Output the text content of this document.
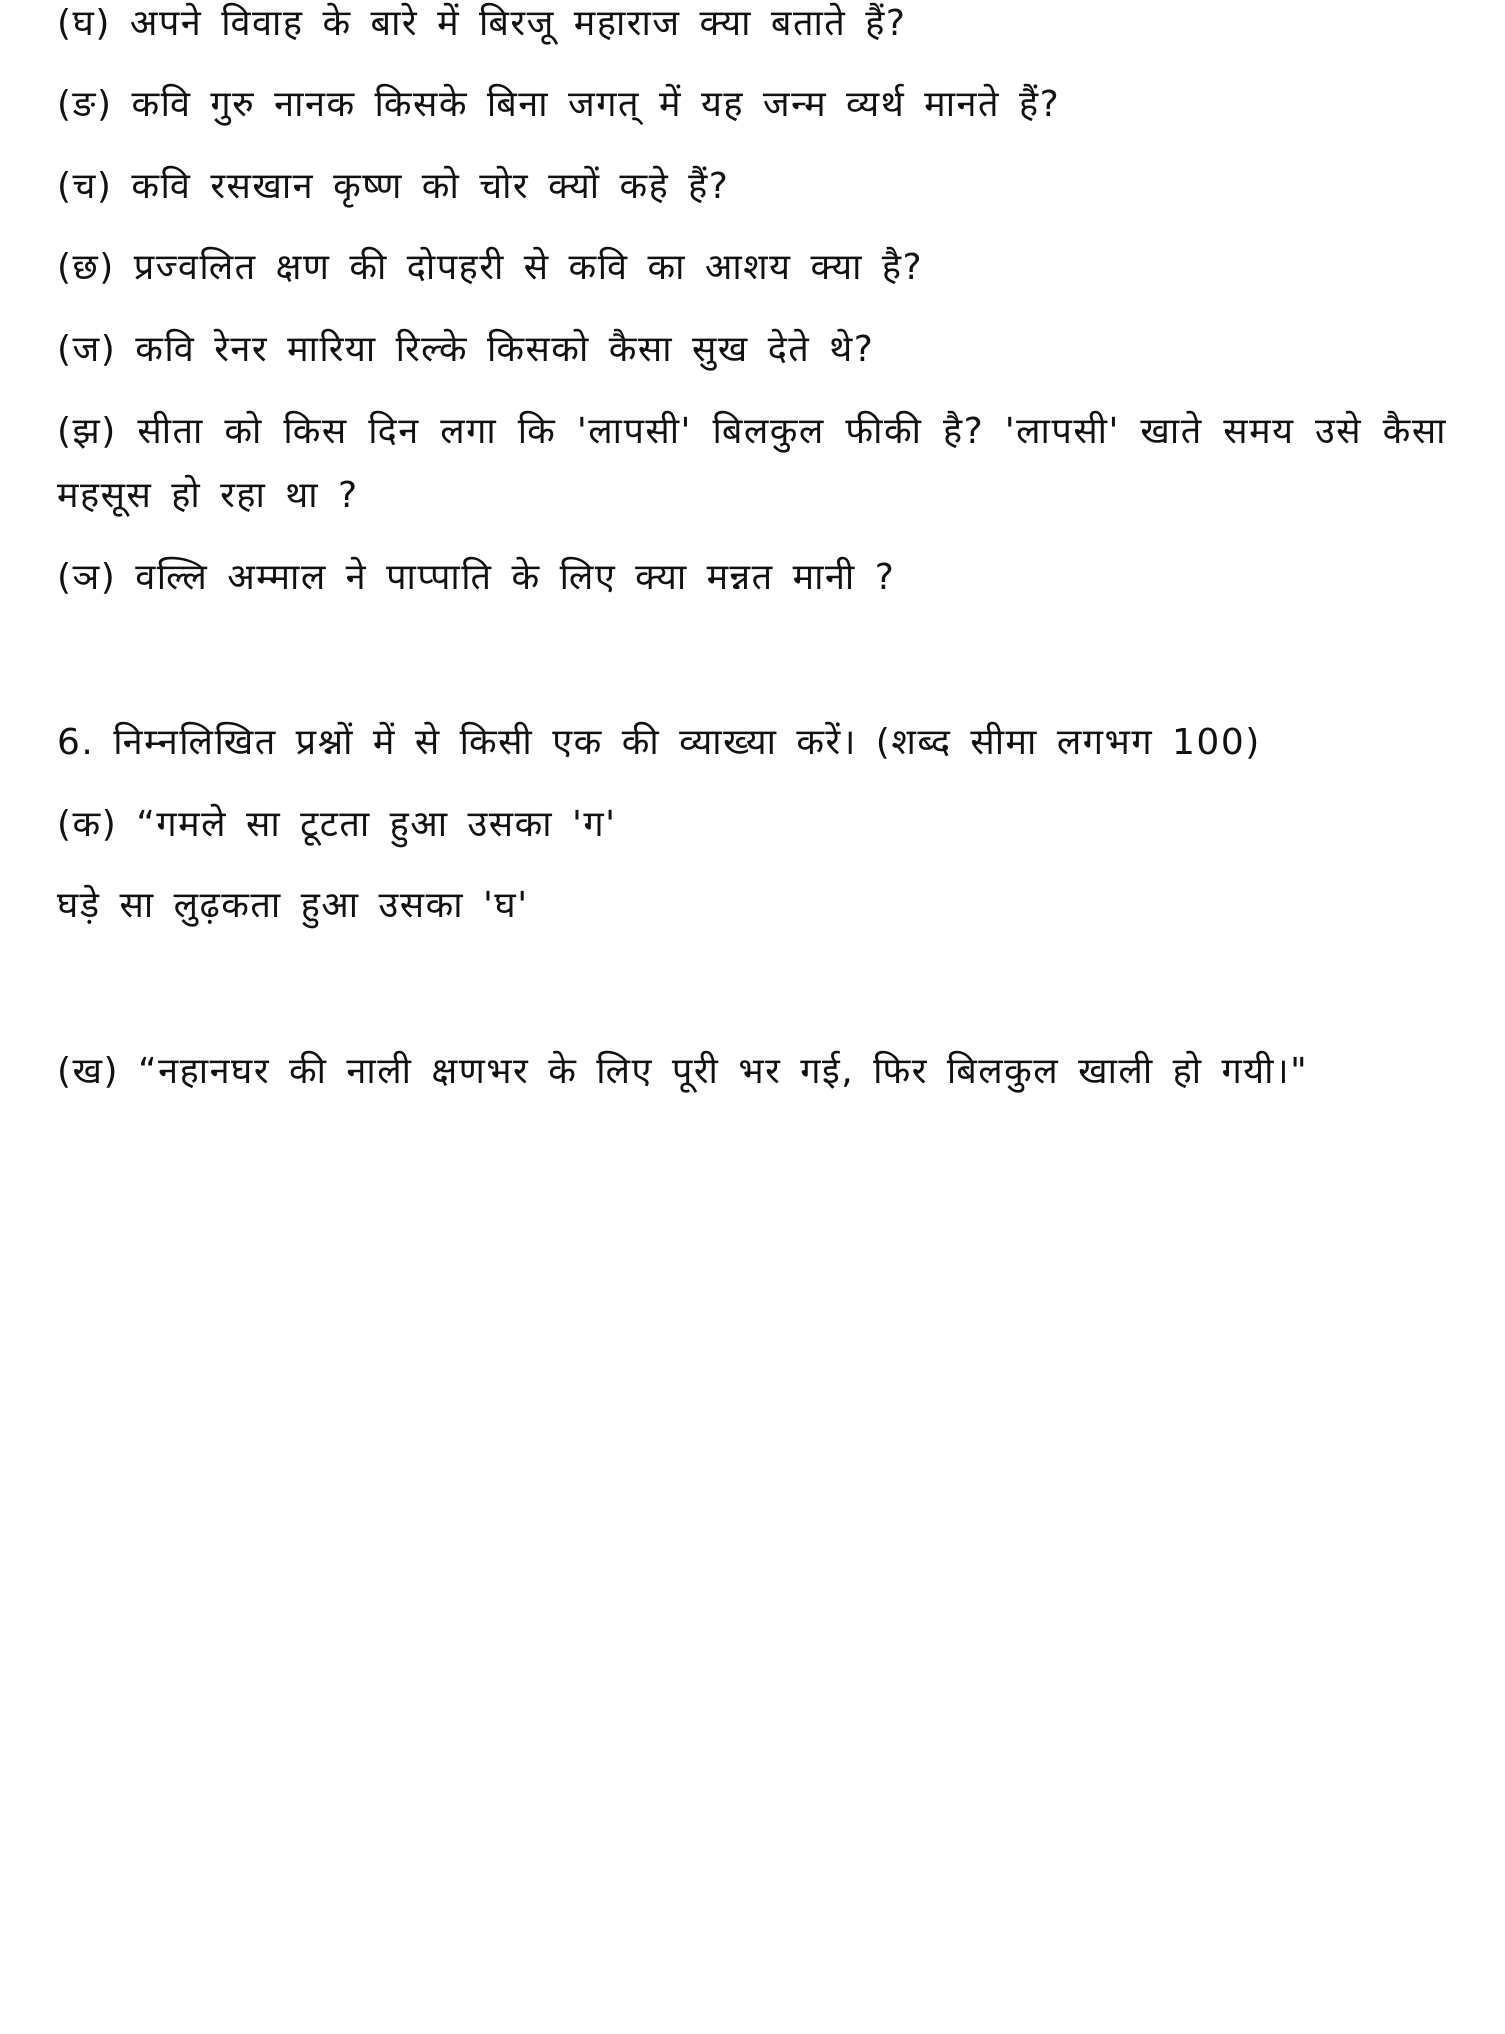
(घ) अपने विवाह के बारे में बिरजू महाराज क्या बताते हैं?
(ङ) कवि गुरु नानक किसके बिना जगत् में यह जन्म व्यर्थ मानते हैं?
(च) कवि रसखान कृष्ण को चोर क्यों कहे हैं?
(छ) प्रज्वलित क्षण की दोपहरी से कवि का आशय क्या है?
(ज) कवि रेनर मारिया रिल्के किसको कैसा सुख देते थे?
(झ) सीता को किस दिन लगा कि 'लापसी' बिलकुल फीकी है? 'लापसी' खाते समय उसे कैसा महसूस हो रहा था ?
(ञ) वल्लि अम्माल ने पाप्पाति के लिए क्या मन्नत मानी ?
6. निम्नलिखित प्रश्नों में से किसी एक की व्याख्या करें। (शब्द सीमा लगभग 100)
(क) “गमले सा टूटता हुआ उसका 'ग'
घड़े सा लुढ़कता हुआ उसका 'घ'
(ख) “नहानघर की नाली क्षणभर के लिए पूरी भर गई, फिर बिलकुल खाली हो गयी।"
